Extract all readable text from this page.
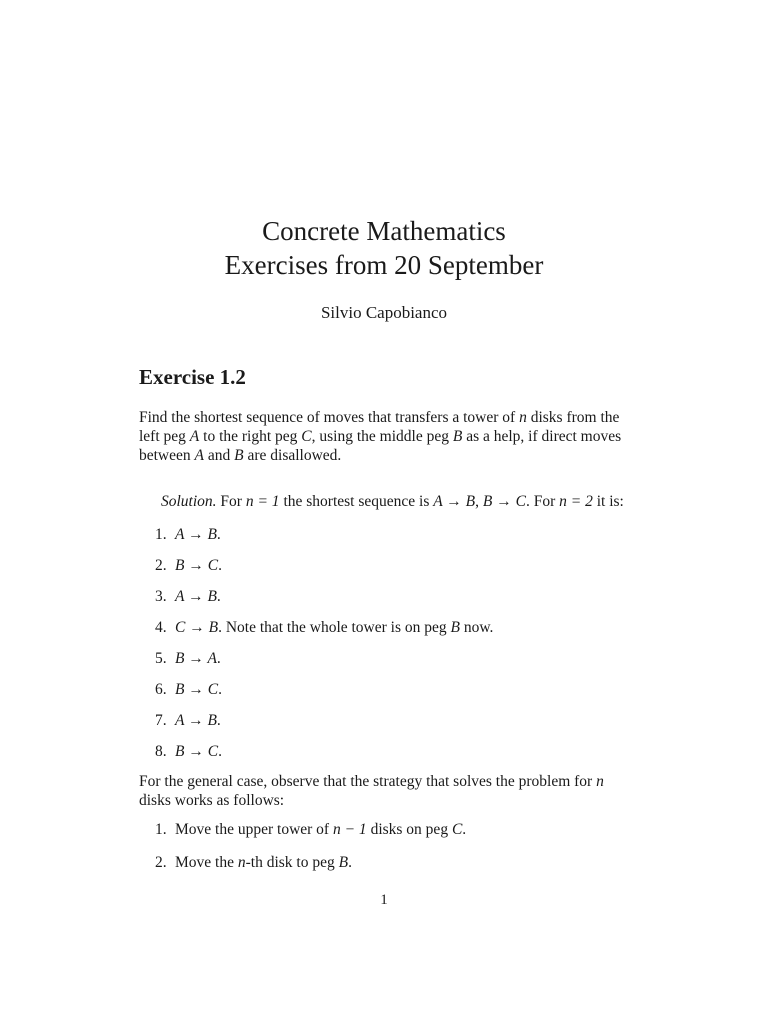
Concrete Mathematics
Exercises from 20 September
Silvio Capobianco
Exercise 1.2

Find the shortest sequence of moves that transfers a tower of n disks from the left peg A to the right peg C, using the middle peg B as a help, if direct moves between A and B are disallowed.

Solution. For n = 1 the shortest sequence is A → B, B → C. For n = 2 it is:

1. A → B.
2. B → C.
3. A → B.
4. C → B. Note that the whole tower is on peg B now.
5. B → A.
6. B → C.
7. A → B.
8. B → C.

For the general case, observe that the strategy that solves the problem for n disks works as follows:

1. Move the upper tower of n − 1 disks on peg C.
2. Move the n-th disk to peg B.
1
